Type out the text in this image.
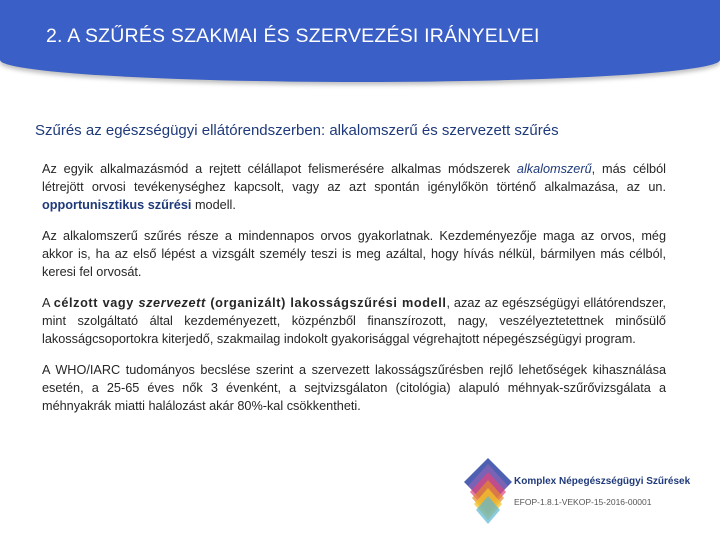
2. A SZŰRÉS SZAKMAI ÉS SZERVEZÉSI IRÁNYELVEI
Szűrés az egészségügyi ellátórendszerben: alkalomszerű és szervezett szűrés

Az egyik alkalmazásmód a rejtett célállapot felismerésére alkalmas módszerek alkalomszerű, más célból létrejött orvosi tevékenységhez kapcsolt, vagy az azt spontán igénylőkön történő alkalmazása, az un. opportunisztikus szűrési modell.

Az alkalomszerű szűrés része a mindennapos orvos gyakorlatnak. Kezdeményezője maga az orvos, még akkor is, ha az első lépést a vizsgált személy teszi is meg azáltal, hogy hívás nélkül, bármilyen más célból, keresi fel orvosát.

A célzott vagy szervezett (organizált) lakosságszűrési modell, azaz az egészségügyi ellátórendszer, mint szolgáltató által kezdeményezett, közpénzből finanszírozott, nagy, veszélyeztetettnek minősülő lakosságcsoportokra kiterjedő, szakmailag indokolt gyakorisággal végrehajtott népegészségügyi program.

A WHO/IARC tudományos becslése szerint a szervezett lakosságszűrésben rejlő lehetőségek kihasználása esetén, a 25-65 éves nők 3 évenként, a sejtvizsgálaton (citológia) alapuló méhnyak-szűrővizsgálata a méhnyakrák miatti halálozást akár 80%-kal csökkentheti.

Komplex Népegészségügyi Szűrések
EFOP-1.8.1-VEKOP-15-2016-00001
